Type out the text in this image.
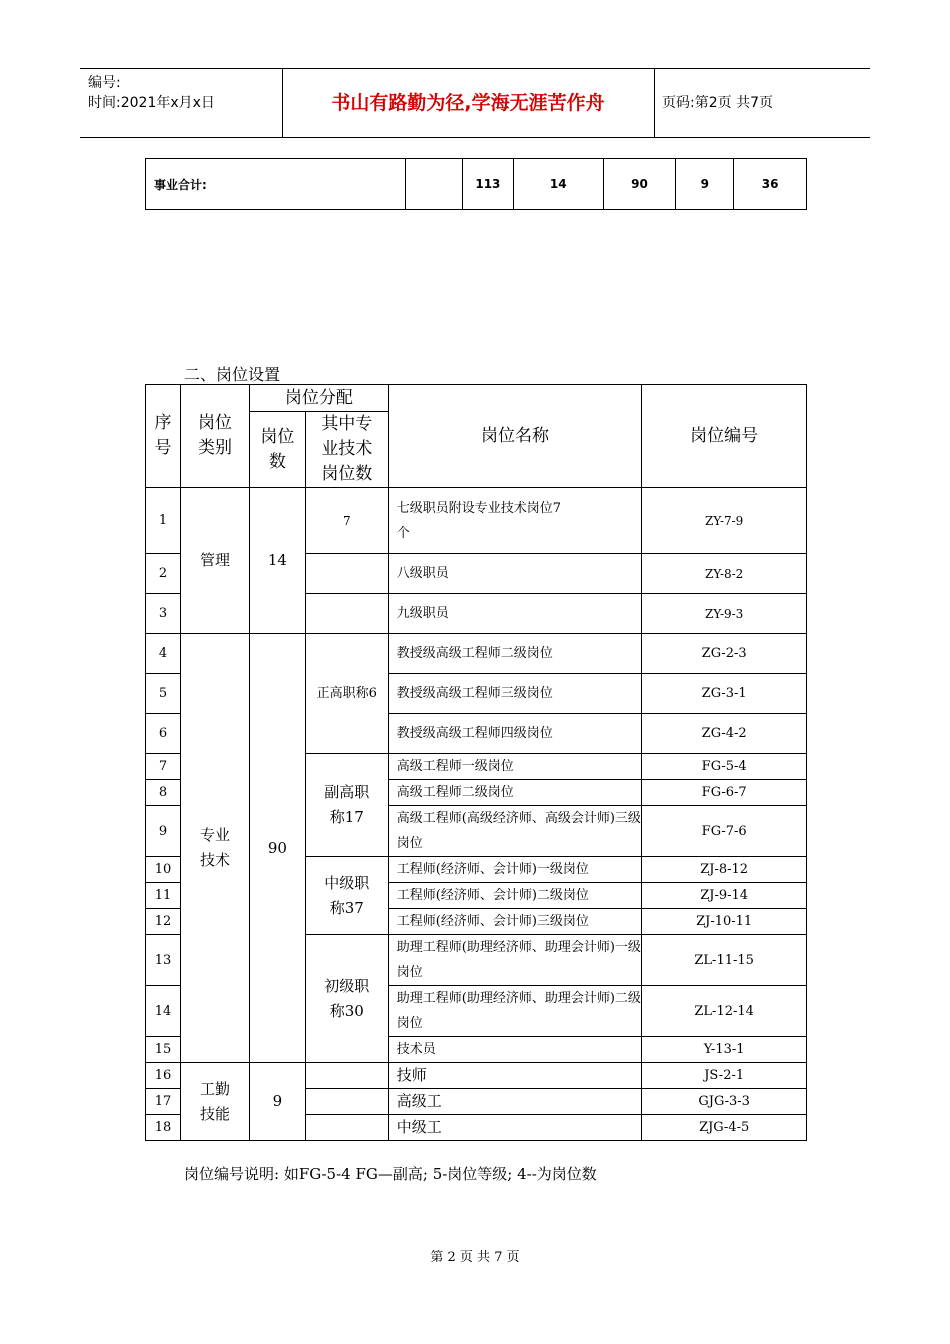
编号:
时间:2021年x月x日	书山有路勤为径,学海无涯苦作舟	页码:第2页 共7页
事业合计:		113	14	90	9	36
二、岗位设置
序号	岗位类别	岗位分配		岗位名称	岗位编号
		岗位数	其中专业技术岗位数		
1	管理	14	7	七级职员附设专业技术岗位7个	ZY-7-9
2				八级职员	ZY-8-2
3				九级职员	ZY-9-3
4	专业技术	90	正高职称6	教授级高级工程师二级岗位	ZG-2-3
5				教授级高级工程师三级岗位	ZG-3-1
6				教授级高级工程师四级岗位	ZG-4-2
7			副高职称17	高级工程师一级岗位	FG-5-4
8				高级工程师二级岗位	FG-6-7
9				高级工程师(高级经济师、高级会计师)三级岗位	FG-7-6
10			中级职称37	工程师(经济师、会计师)一级岗位	ZJ-8-12
11				工程师(经济师、会计师)二级岗位	ZJ-9-14
12				工程师(经济师、会计师)三级岗位	ZJ-10-11
13			初级职称30	助理工程师(助理经济师、助理会计师)一级岗位	ZL-11-15
14				助理工程师(助理经济师、助理会计师)二级岗位	ZL-12-14
15				技术员	Y-13-1
16	工勤技能	9		技师	JS-2-1
17				高级工	GJG-3-3
18				中级工	ZJG-4-5
岗位编号说明: 如FG-5-4 FG—副高; 5-岗位等级; 4--为岗位数
第 2 页 共 7 页
